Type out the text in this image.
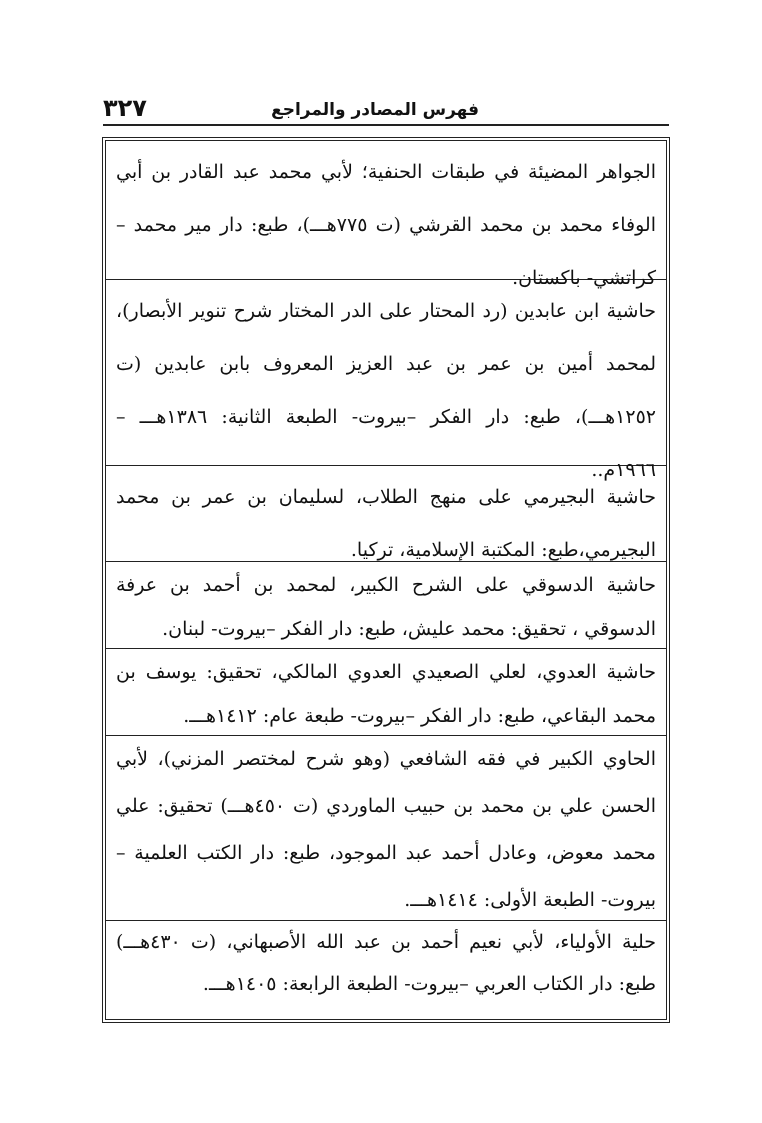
٣٢٧	فهرس المصادر والمراجع
الجواهر المضيئة في طبقات الحنفية؛ لأبي محمد عبد القادر بن أبي الوفاء محمد بن محمد القرشي (ت ٧٧٥هـــ)، طبع: دار مير محمد – كراتشي- باكستان.
حاشية ابن عابدين (رد المحتار على الدر المختار شرح تنوير الأبصار)، لمحمد أمين بن عمر بن عبد العزيز المعروف بابن عابدين (ت ١٢٥٢هـــ)، طبع: دار الفكر –بيروت- الطبعة الثانية: ١٣٨٦هـــ – ١٩٦٦م..
حاشية البجيرمي على منهج الطلاب، لسليمان بن عمر بن محمد البجيرمي،طبع: المكتبة الإسلامية، تركيا.
حاشية الدسوقي على الشرح الكبير، لمحمد بن أحمد بن عرفة الدسوقي ، تحقيق: محمد عليش، طبع: دار الفكر –بيروت- لبنان.
حاشية العدوي، لعلي الصعيدي العدوي المالكي، تحقيق: يوسف بن محمد البقاعي، طبع: دار الفكر –بيروت- طبعة عام: ١٤١٢هـــ.
الحاوي الكبير في فقه الشافعي (وهو شرح لمختصر المزني)، لأبي الحسن علي بن محمد بن حبيب الماوردي (ت ٤٥٠هـــ) تحقيق: علي محمد معوض، وعادل أحمد عبد الموجود، طبع: دار الكتب العلمية – بيروت- الطبعة الأولى: ١٤١٤هـــ.
حلية الأولياء، لأبي نعيم أحمد بن عبد الله الأصبهاني، (ت ٤٣٠هـــ) طبع: دار الكتاب العربي –بيروت- الطبعة الرابعة: ١٤٠٥هـــ.
